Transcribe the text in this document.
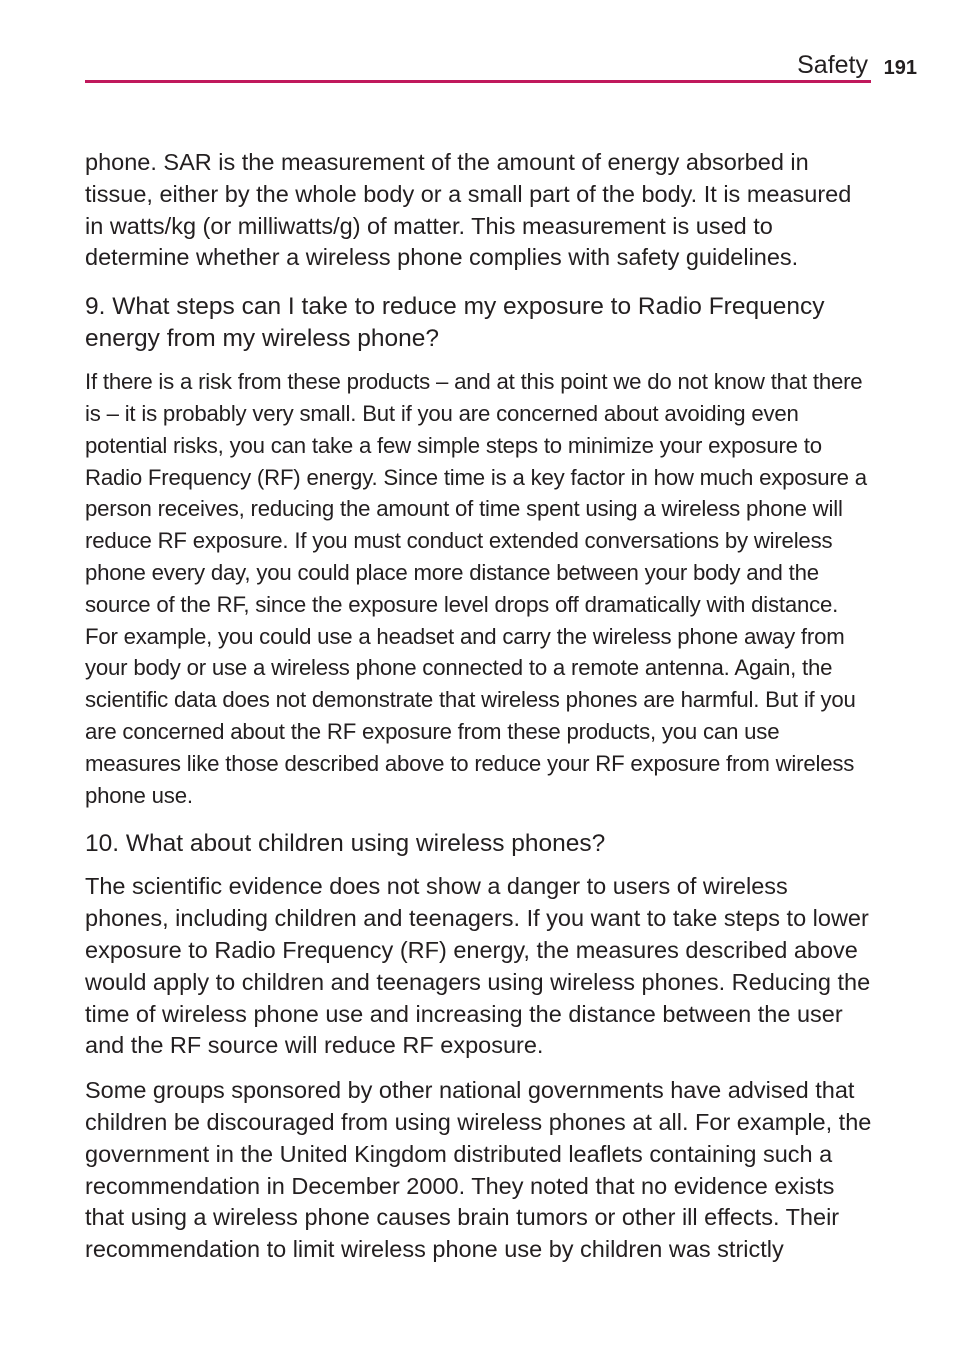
Safety 191

phone. SAR is the measurement of the amount of energy absorbed in tissue, either by the whole body or a small part of the body. It is measured in watts/kg (or milliwatts/g) of matter. This measurement is used to determine whether a wireless phone complies with safety guidelines.

9. What steps can I take to reduce my exposure to Radio Frequency energy from my wireless phone?

If there is a risk from these products – and at this point we do not know that there is – it is probably very small. But if you are concerned about avoiding even potential risks, you can take a few simple steps to minimize your exposure to Radio Frequency (RF) energy. Since time is a key factor in how much exposure a person receives, reducing the amount of time spent using a wireless phone will reduce RF exposure. If you must conduct extended conversations by wireless phone every day, you could place more distance between your body and the source of the RF, since the exposure level drops off dramatically with distance. For example, you could use a headset and carry the wireless phone away from your body or use a wireless phone connected to a remote antenna. Again, the scientific data does not demonstrate that wireless phones are harmful. But if you are concerned about the RF exposure from these products, you can use measures like those described above to reduce your RF exposure from wireless phone use.

10. What about children using wireless phones?

The scientific evidence does not show a danger to users of wireless phones, including children and teenagers. If you want to take steps to lower exposure to Radio Frequency (RF) energy, the measures described above would apply to children and teenagers using wireless phones. Reducing the time of wireless phone use and increasing the distance between the user and the RF source will reduce RF exposure.

Some groups sponsored by other national governments have advised that children be discouraged from using wireless phones at all. For example, the government in the United Kingdom distributed leaflets containing such a recommendation in December 2000. They noted that no evidence exists that using a wireless phone causes brain tumors or other ill effects. Their recommendation to limit wireless phone use by children was strictly
